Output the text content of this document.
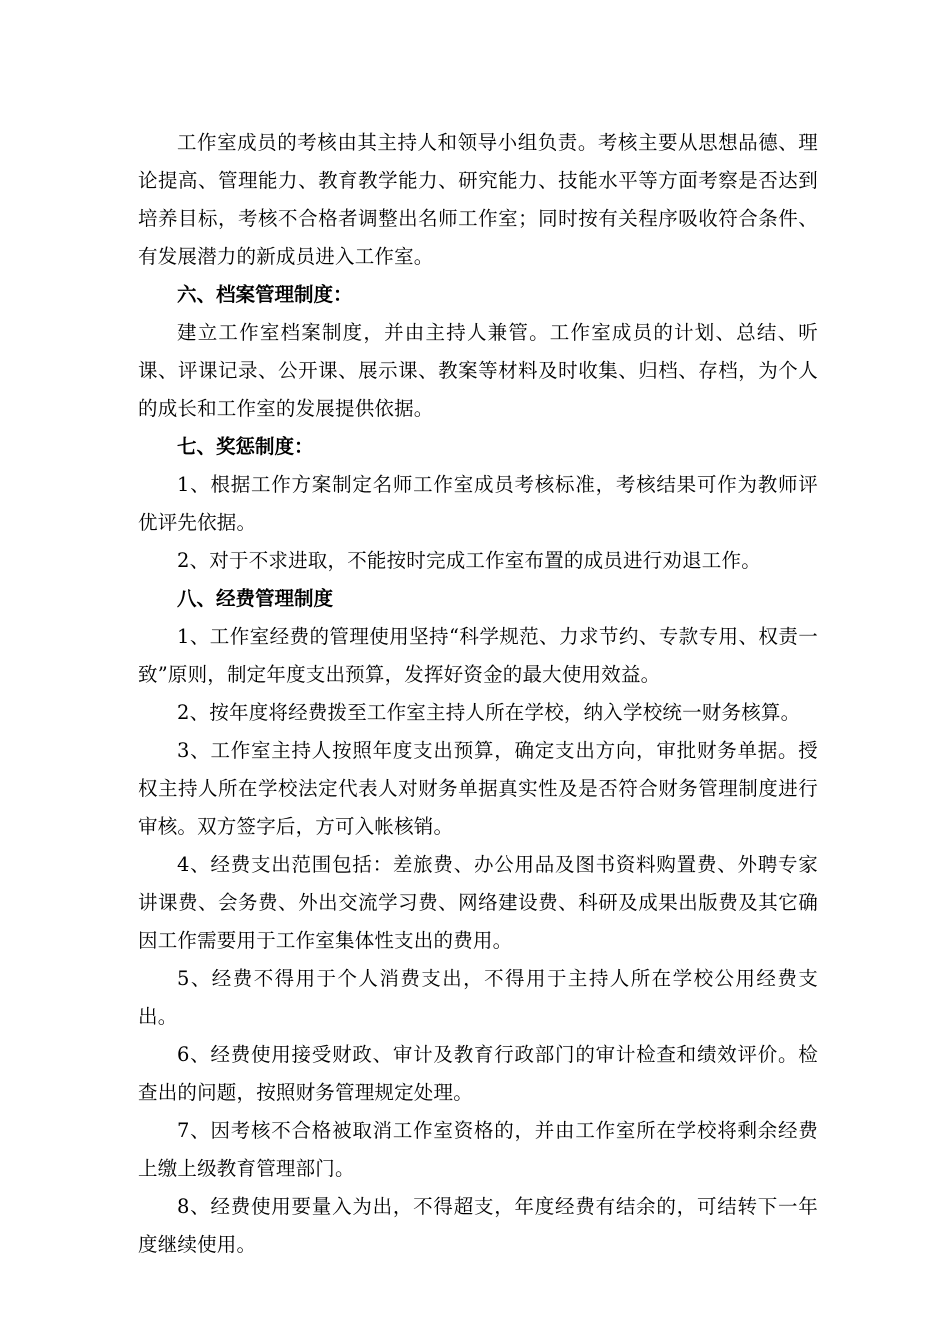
工作室成员的考核由其主持人和领导小组负责。考核主要从思想品德、理论提高、管理能力、教育教学能力、研究能力、技能水平等方面考察是否达到培养目标，考核不合格者调整出名师工作室；同时按有关程序吸收符合条件、有发展潜力的新成员进入工作室。

六、档案管理制度：

建立工作室档案制度，并由主持人兼管。工作室成员的计划、总结、听课、评课记录、公开课、展示课、教案等材料及时收集、归档、存档，为个人的成长和工作室的发展提供依据。

七、奖惩制度：

1、根据工作方案制定名师工作室成员考核标准，考核结果可作为教师评优评先依据。

2、对于不求进取，不能按时完成工作室布置的成员进行劝退工作。

八、经费管理制度

1、工作室经费的管理使用坚持“科学规范、力求节约、专款专用、权责一致”原则，制定年度支出预算，发挥好资金的最大使用效益。

2、按年度将经费拨至工作室主持人所在学校，纳入学校统一财务核算。

3、工作室主持人按照年度支出预算，确定支出方向，审批财务单据。授权主持人所在学校法定代表人对财务单据真实性及是否符合财务管理制度进行审核。双方签字后，方可入帐核销。

4、经费支出范围包括：差旅费、办公用品及图书资料购置费、外聘专家讲课费、会务费、外出交流学习费、网络建设费、科研及成果出版费及其它确因工作需要用于工作室集体性支出的费用。

5、经费不得用于个人消费支出，不得用于主持人所在学校公用经费支出。

6、经费使用接受财政、审计及教育行政部门的审计检查和绩效评价。检查出的问题，按照财务管理规定处理。

7、因考核不合格被取消工作室资格的，并由工作室所在学校将剩余经费上缴上级教育管理部门。

8、经费使用要量入为出，不得超支，年度经费有结余的，可结转下一年度继续使用。
